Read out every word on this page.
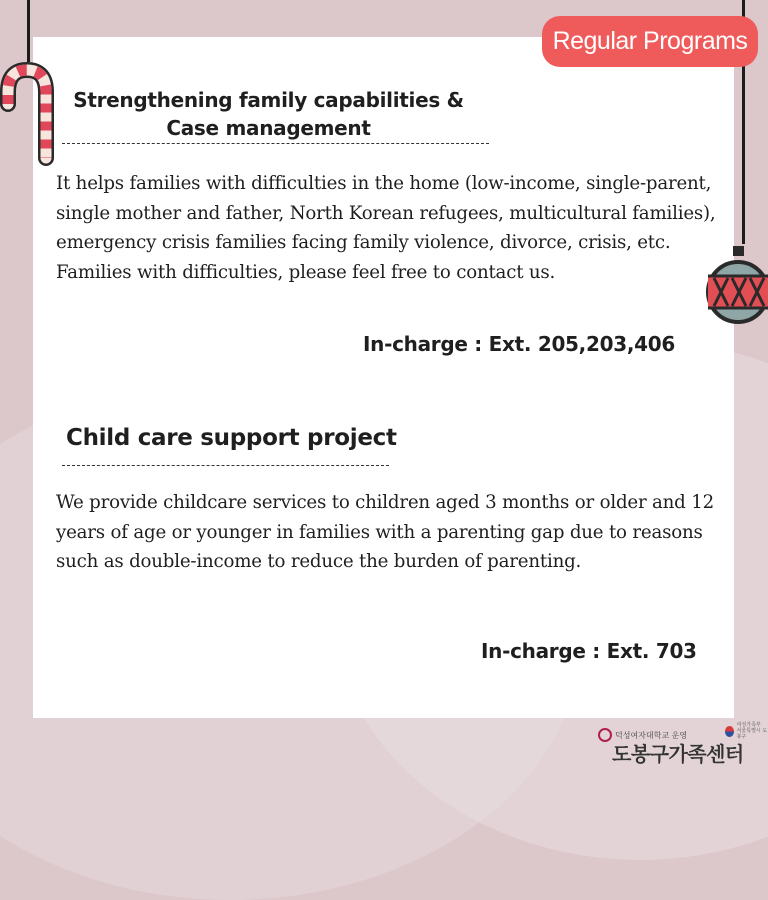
Regular Programs
Strengthening family capabilities &
Case management
It helps families with difficulties in the home (low-income, single-parent, single mother and father, North Korean refugees, multicultural families), emergency crisis families facing family violence, divorce, crisis, etc. Families with difficulties, please feel free to contact us.
In-charge : Ext. 205,203,406
Child care support project
We provide childcare services to children aged 3 months or older and 12 years of age or younger in families with a parenting gap due to reasons such as double-income to reduce the burden of parenting.
In-charge : Ext. 703
덕성여자대학교 운영
여성가족부
서울특별시 도봉구
도봉구가족센터
